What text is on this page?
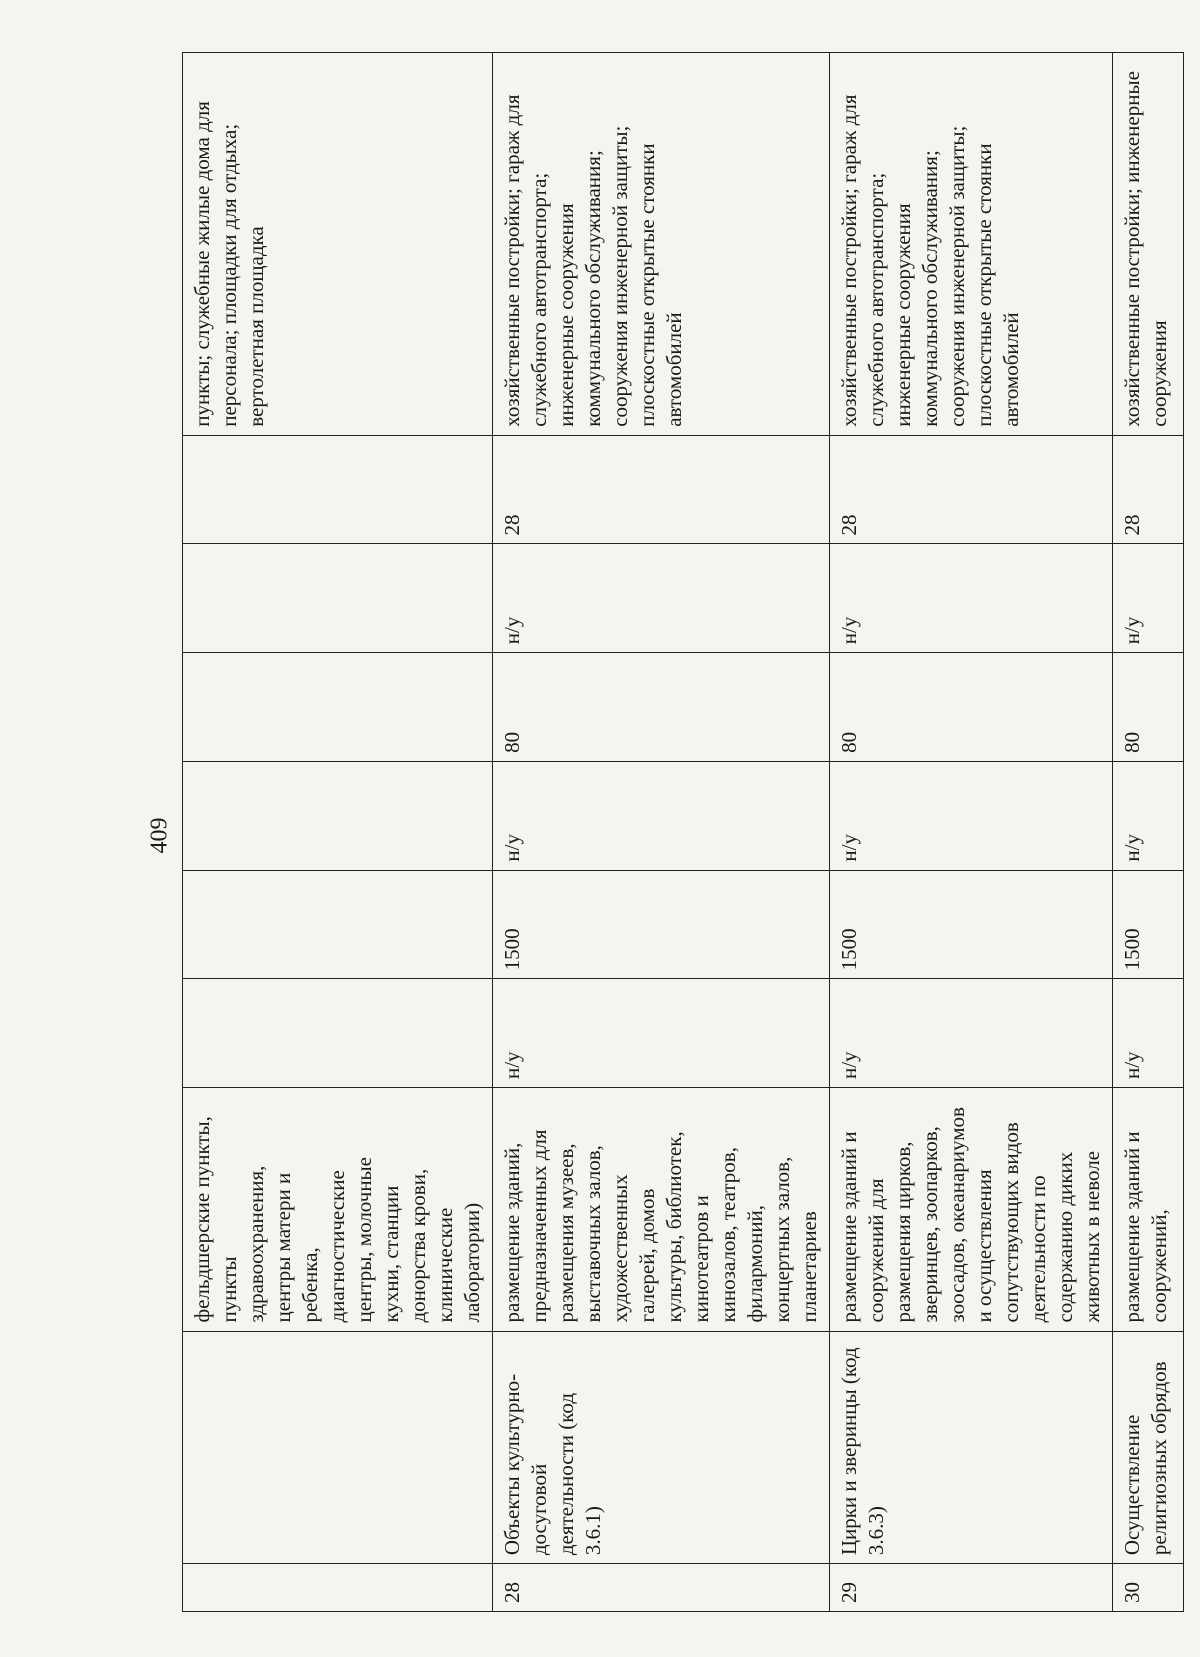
409
		фельдшерские пункты, пункты здравоохранения, центры матери и ребенка, диагностические центры, молочные кухни, станции донорства крови, клинические лаборатории)							пункты; служебные жилые дома для персонала; площадки для отдыха; вертолетная площадка
28	Объекты культурно-досуговой деятельности (код 3.6.1)	размещение зданий, предназначенных для размещения музеев, выставочных залов, художественных галерей, домов культуры, библиотек, кинотеатров и кинозалов, театров, филармоний, концертных залов, планетариев	н/у	1500	н/у	80	н/у	28	хозяйственные постройки; гараж для служебного автотранспорта; инженерные сооружения коммунального обслуживания; сооружения инженерной защиты; плоскостные открытые стоянки автомобилей
29	Цирки и зверинцы (код 3.6.3)	размещение зданий и сооружений для размещения цирков, зверинцев, зоопарков, зоосадов, океанариумов и осуществления сопутствующих видов деятельности по содержанию диких животных в неволе	н/у	1500	н/у	80	н/у	28	хозяйственные постройки; гараж для служебного автотранспорта; инженерные сооружения коммунального обслуживания; сооружения инженерной защиты; плоскостные открытые стоянки автомобилей
30	Осуществление религиозных обрядов	размещение зданий и сооружений,	н/у	1500	н/у	80	н/у	28	хозяйственные постройки; инженерные сооружения
